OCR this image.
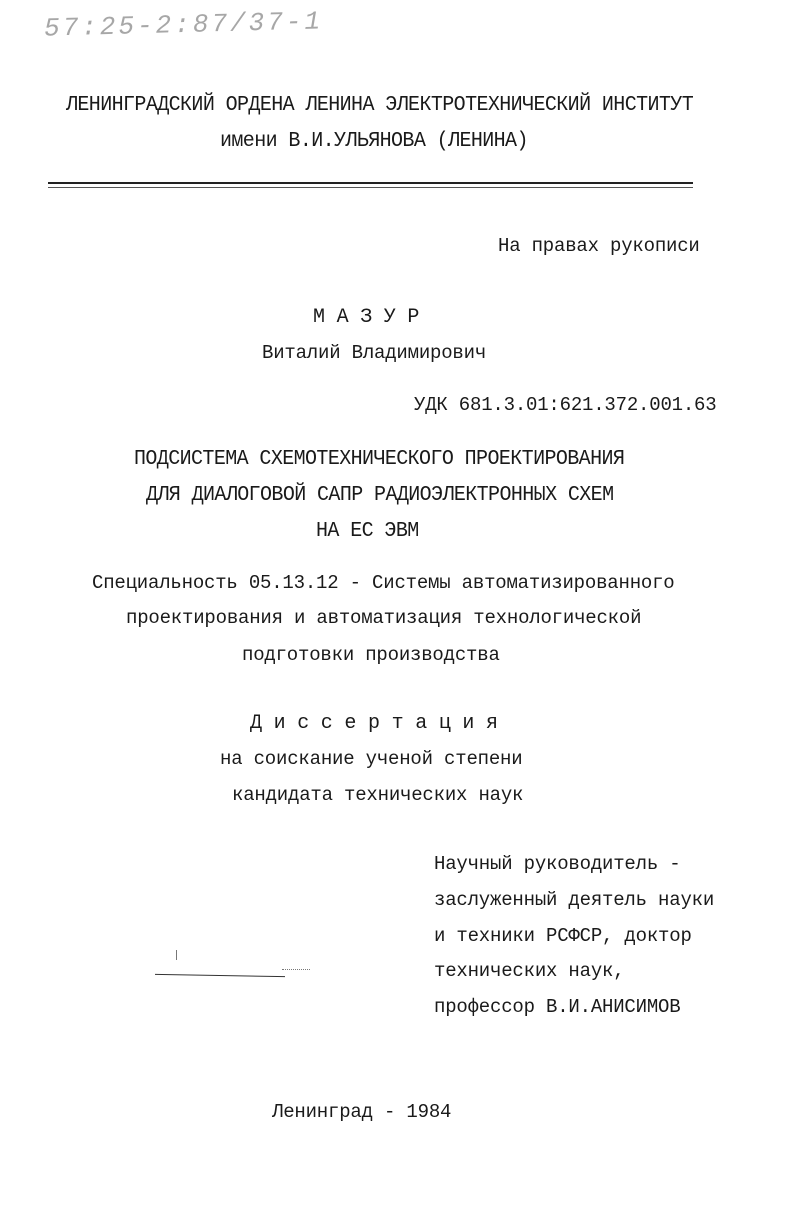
57:25-2:87/37-1
ЛЕНИНГРАДСКИЙ ОРДЕНА ЛЕНИНА ЭЛЕКТРОТЕХНИЧЕСКИЙ ИНСТИТУТ
имени В.И.УЛЬЯНОВА (ЛЕНИНА)
На правах рукописи
М А З У Р
Виталий Владимирович
УДК 681.3.01:621.372.001.63
ПОДСИСТЕМА СХЕМОТЕХНИЧЕСКОГО ПРОЕКТИРОВАНИЯ
ДЛЯ ДИАЛОГОВОЙ САПР РАДИОЭЛЕКТРОННЫХ СХЕМ
НА ЕС ЭВМ
Специальность 05.13.12 - Системы автоматизированного
проектирования и автоматизация технологической
подготовки производства
Д и с с е р т а ц и я
на соискание ученой степени
кандидата технических наук
Научный руководитель -
заслуженный деятель науки
и техники РСФСР, доктор
технических наук,
профессор В.И.АНИСИМОВ
Ленинград - 1984
